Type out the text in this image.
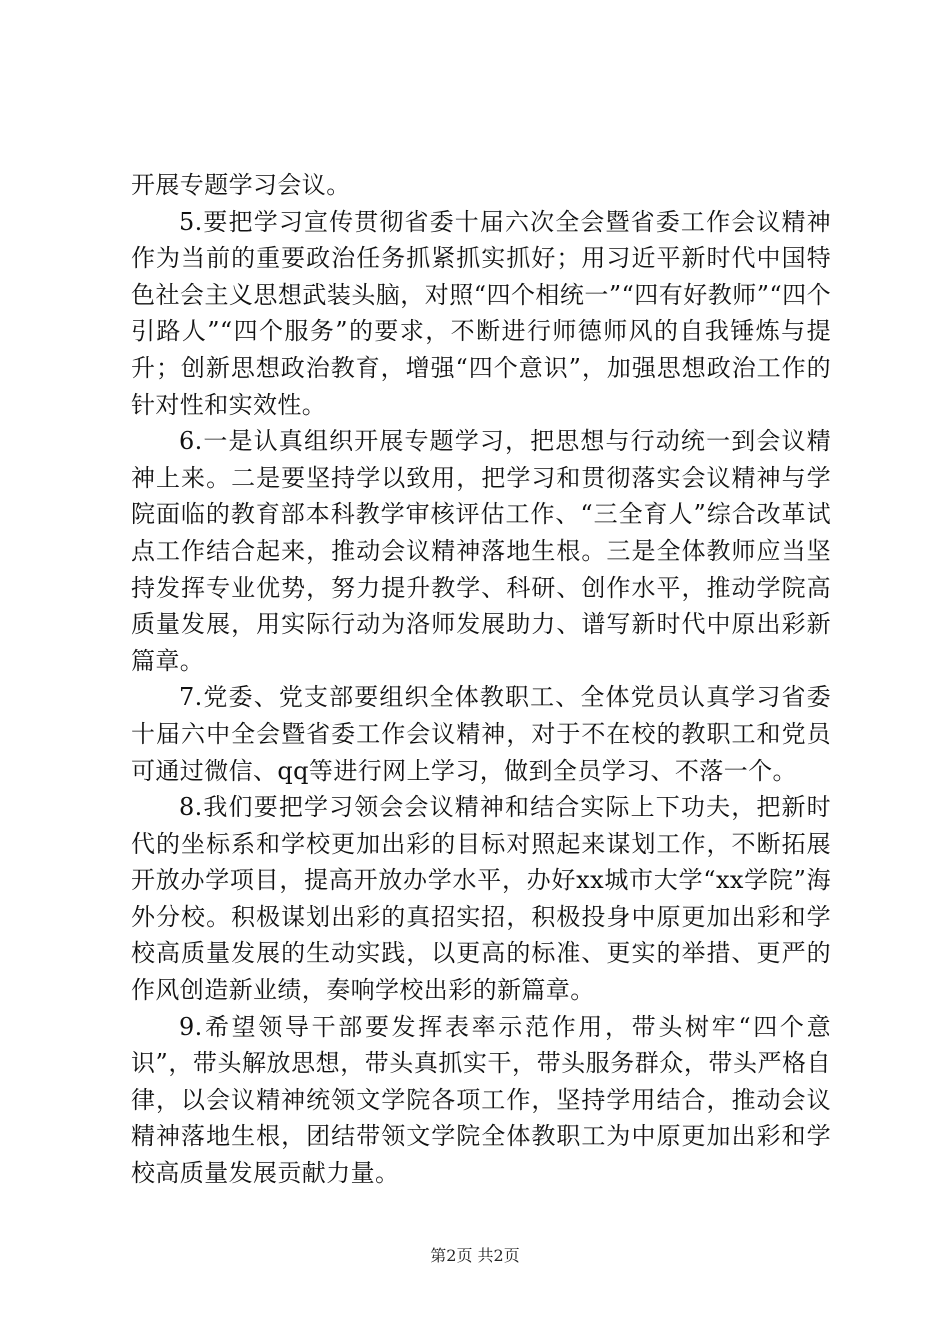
开展专题学习会议。

5.要把学习宣传贯彻省委十届六次全会暨省委工作会议精神作为当前的重要政治任务抓紧抓实抓好；用习近平新时代中国特色社会主义思想武装头脑，对照“四个相统一”“四有好教师”“四个引路人”“四个服务”的要求，不断进行师德师风的自我锤炼与提升；创新思想政治教育，增强“四个意识”，加强思想政治工作的针对性和实效性。

6.一是认真组织开展专题学习，把思想与行动统一到会议精神上来。二是要坚持学以致用，把学习和贯彻落实会议精神与学院面临的教育部本科教学审核评估工作、“三全育人”综合改革试点工作结合起来，推动会议精神落地生根。三是全体教师应当坚持发挥专业优势，努力提升教学、科研、创作水平，推动学院高质量发展，用实际行动为洛师发展助力、谱写新时代中原出彩新篇章。

7.党委、党支部要组织全体教职工、全体党员认真学习省委十届六中全会暨省委工作会议精神，对于不在校的教职工和党员可通过微信、qq等进行网上学习，做到全员学习、不落一个。

8.我们要把学习领会会议精神和结合实际上下功夫，把新时代的坐标系和学校更加出彩的目标对照起来谋划工作，不断拓展开放办学项目，提高开放办学水平，办好xx城市大学“xx学院”海外分校。积极谋划出彩的真招实招，积极投身中原更加出彩和学校高质量发展的生动实践，以更高的标准、更实的举措、更严的作风创造新业绩，奏响学校出彩的新篇章。

9.希望领导干部要发挥表率示范作用，带头树牢“四个意识”，带头解放思想，带头真抓实干，带头服务群众，带头严格自律，以会议精神统领文学院各项工作，坚持学用结合，推动会议精神落地生根，团结带领文学院全体教职工为中原更加出彩和学校高质量发展贡献力量。

第2页 共2页
